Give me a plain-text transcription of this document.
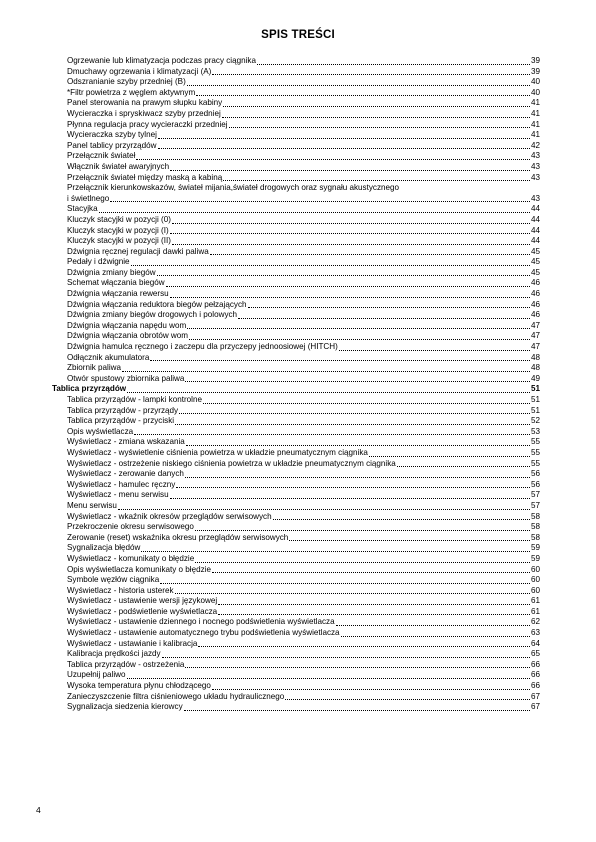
SPIS TREŚCI
Ogrzewanie lub klimatyzacja podczas pracy ciągnika	39
Dmuchawy ogrzewania i klimatyzacji (A)	39
Odszranianie szyby przedniej (B)	40
*Filtr powietrza z węglem aktywnym	40
Panel sterowania na prawym słupku kabiny	41
Wycieraczka i spryskiwacz szyby przedniej	41
Płynna regulacja pracy wycieraczki przedniej	41
Wycieraczka szyby tylnej	41
Panel tablicy przyrządów	42
Przełącznik świateł	43
Włącznik świateł awaryjnych	43
Przełącznik świateł między maską a kabiną	43
Przełącznik kierunkowskazów, świateł mijania,świateł drogowych oraz sygnału akustycznego
i świetlnego	43
Stacyjka	44
Kluczyk stacyjki w pozycji (0)	44
Kluczyk stacyjki w pozycji (I)	44
Kluczyk stacyjki w pozycji (II)	44
Dźwignia ręcznej regulacji dawki paliwa	45
Pedały i dźwignie	45
Dźwignia zmiany biegów	45
Schemat włączania biegów	46
Dźwignia włączania rewersu	46
Dźwignia włączania reduktora biegów pełzających	46
Dźwignia zmiany biegów drogowych i polowych	46
Dźwignia włączania napędu wom	47
Dźwignia włączania obrotów wom	47
Dźwignia hamulca ręcznego i zaczepu dla przyczepy jednoosiowej (HITCH)	47
Odłącznik akumulatora	48
Zbiornik paliwa	48
Otwór spustowy zbiornika paliwa	49
Tablica przyrządów	51
Tablica przyrządów - lampki kontrolne	51
Tablica przyrządów - przyrządy	51
Tablica przyrządów - przyciski	52
Opis wyświetlacza	53
Wyświetlacz - zmiana wskazania	55
Wyświetlacz - wyświetlenie ciśnienia powietrza w układzie pneumatycznym ciągnika	55
Wyświetlacz - ostrzeżenie niskiego ciśnienia powietrza w układzie pneumatycznym ciągnika	55
Wyświetlacz - zerowanie danych	56
Wyświetlacz - hamulec ręczny	56
Wyświetlacz - menu serwisu	57
Menu serwisu	57
Wyświetlacz - wkaźnik okresów przeglądów serwisowych	58
Przekroczenie okresu serwisowego	58
Zerowanie (reset) wskaźnika okresu przeglądów serwisowych	58
Sygnalizacja błędów	59
Wyświetlacz - komunikaty o błędzie	59
Opis wyświetlacza komunikaty o błędzie	60
Symbole węzłów ciągnika	60
Wyświetlacz - historia usterek	60
Wyświetlacz - ustawienie wersji językowej	61
Wyświetlacz - podświetlenie wyświetlacza	61
Wyświetlacz - ustawienie dziennego i nocnego podświetlenia wyświetlacza	62
Wyświetlacz - ustawienie automatycznego trybu podświetlenia wyświetlacza	63
Wyświetlacz - ustawianie i kalibracja	64
Kalibracja prędkości jazdy	65
Tablica przyrządów - ostrzeżenia	66
Uzupełnij paliwo	66
Wysoka temperatura płynu chłodzącego	66
Zanieczyszczenie filtra ciśnieniowego układu hydraulicznego	67
Sygnalizacja siedzenia kierowcy	67
4
